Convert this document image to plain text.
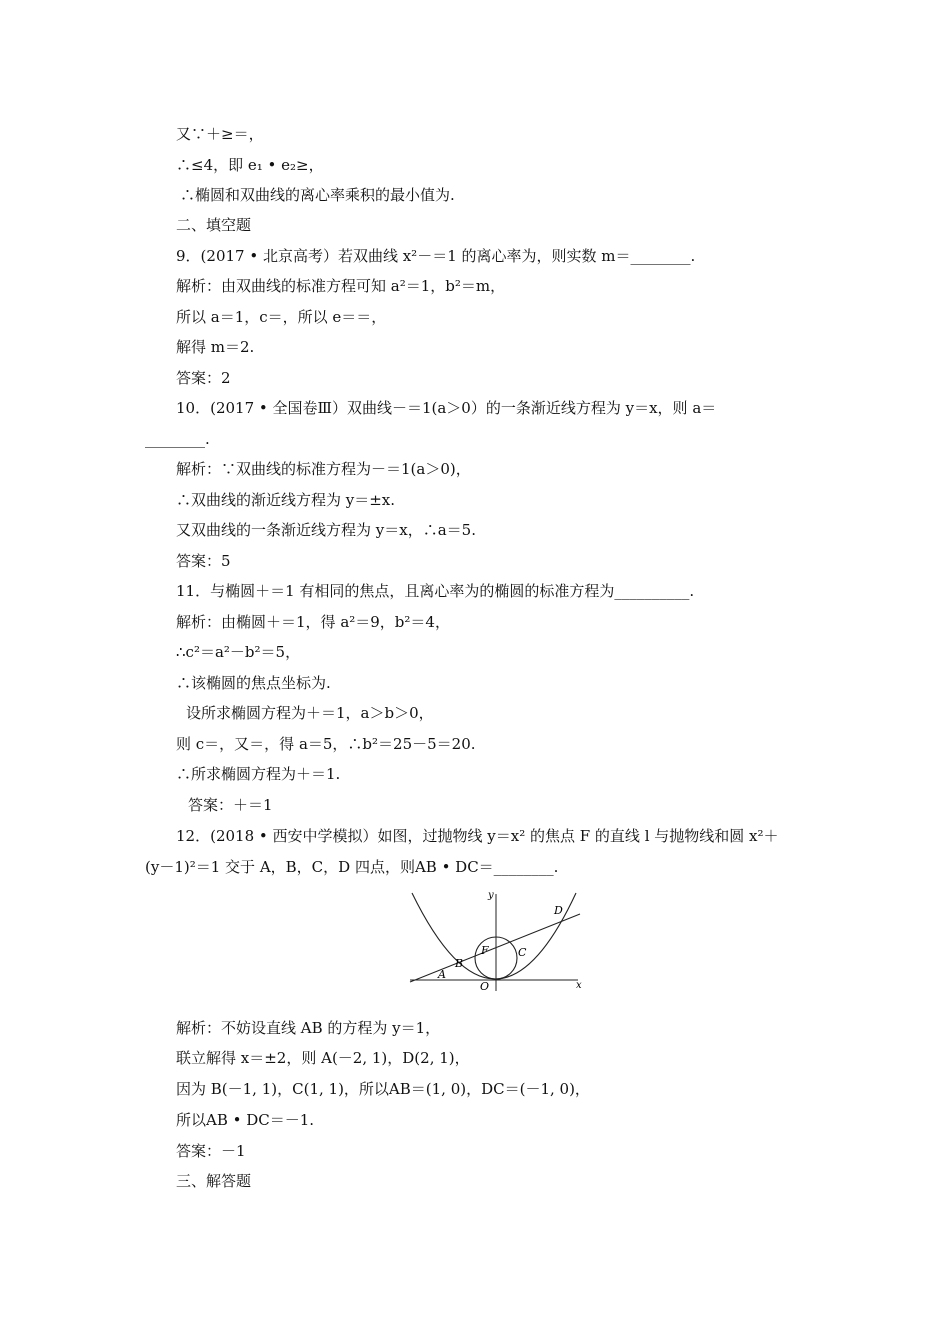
又∵＋≥＝，
∴≤4，即 e₁ • e₂≥，
∴椭圆和双曲线的离心率乘积的最小值为.
二、填空题
9．(2017 • 北京高考）若双曲线 x²－＝1 的离心率为，则实数 m＝________.
解析：由双曲线的标准方程可知 a²＝1，b²＝m，
所以 a＝1，c＝，所以 e＝＝，
解得 m＝2.
答案：2
10．(2017 • 全国卷Ⅲ）双曲线－＝1(a＞0）的一条渐近线方程为 y＝x，则 a＝
________.
解析：∵双曲线的标准方程为－＝1(a＞0)，
∴双曲线的渐近线方程为 y＝±x.
又双曲线的一条渐近线方程为 y＝x，∴a＝5.
答案：5
11．与椭圆＋＝1 有相同的焦点，且离心率为的椭圆的标准方程为__________.
解析：由椭圆＋＝1，得 a²＝9，b²＝4，
∴c²＝a²－b²＝5，
∴该椭圆的焦点坐标为.
设所求椭圆方程为＋＝1，a＞b＞0，
则 c＝，又＝，得 a＝5，∴b²＝25－5＝20.
∴所求椭圆方程为＋＝1.
答案：＋＝1
12．(2018 • 西安中学模拟）如图，过抛物线 y＝x² 的焦点 F 的直线 l 与抛物线和圆 x²＋
(y－1)²＝1 交于 A，B，C，D 四点，则AB • DC＝________.
y
x
D
F	C
B
A
O
解析：不妨设直线 AB 的方程为 y＝1，
联立解得 x＝±2，则 A(－2, 1)，D(2, 1)，
因为 B(－1, 1)，C(1, 1)，所以AB＝(1, 0)，DC＝(－1, 0)，
所以AB • DC＝－1.
答案：－1
三、解答题
